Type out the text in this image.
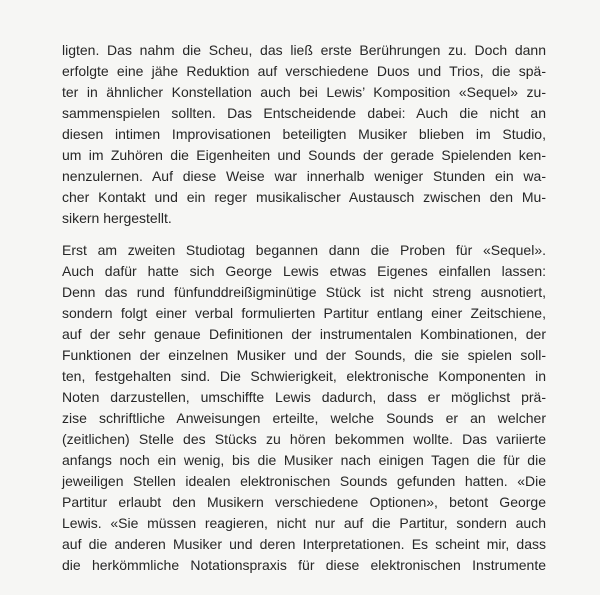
ligten. Das nahm die Scheu, das ließ erste Berührungen zu. Doch dann
erfolgte eine jähe Reduktion auf verschiedene Duos und Trios, die spä-
ter in ähnlicher Konstellation auch bei Lewis’ Komposition «Sequel» zu-
sammenspielen sollten. Das Entscheidende dabei: Auch die nicht an
diesen intimen Improvisationen beteiligten Musiker blieben im Studio,
um im Zuhören die Eigenheiten und Sounds der gerade Spielenden ken-
nenzulernen. Auf diese Weise war innerhalb weniger Stunden ein wa-
cher Kontakt und ein reger musikalischer Austausch zwischen den Mu-
sikern hergestellt.
Erst am zweiten Studiotag begannen dann die Proben für «Sequel».
Auch dafür hatte sich George Lewis etwas Eigenes einfallen lassen:
Denn das rund fünfunddreißigminütige Stück ist nicht streng ausnotiert,
sondern folgt einer verbal formulierten Partitur entlang einer Zeitschiene,
auf der sehr genaue Definitionen der instrumentalen Kombinationen, der
Funktionen der einzelnen Musiker und der Sounds, die sie spielen soll-
ten, festgehalten sind. Die Schwierigkeit, elektronische Komponenten in
Noten darzustellen, umschiffte Lewis dadurch, dass er möglichst prä-
zise schriftliche Anweisungen erteilte, welche Sounds er an welcher
(zeitlichen) Stelle des Stücks zu hören bekommen wollte. Das variierte
anfangs noch ein wenig, bis die Musiker nach einigen Tagen die für die
jeweiligen Stellen idealen elektronischen Sounds gefunden hatten. «Die
Partitur erlaubt den Musikern verschiedene Optionen», betont George
Lewis. «Sie müssen reagieren, nicht nur auf die Partitur, sondern auch
auf die anderen Musiker und deren Interpretationen. Es scheint mir, dass
die herkömmliche Notationspraxis für diese elektronischen Instrumente
